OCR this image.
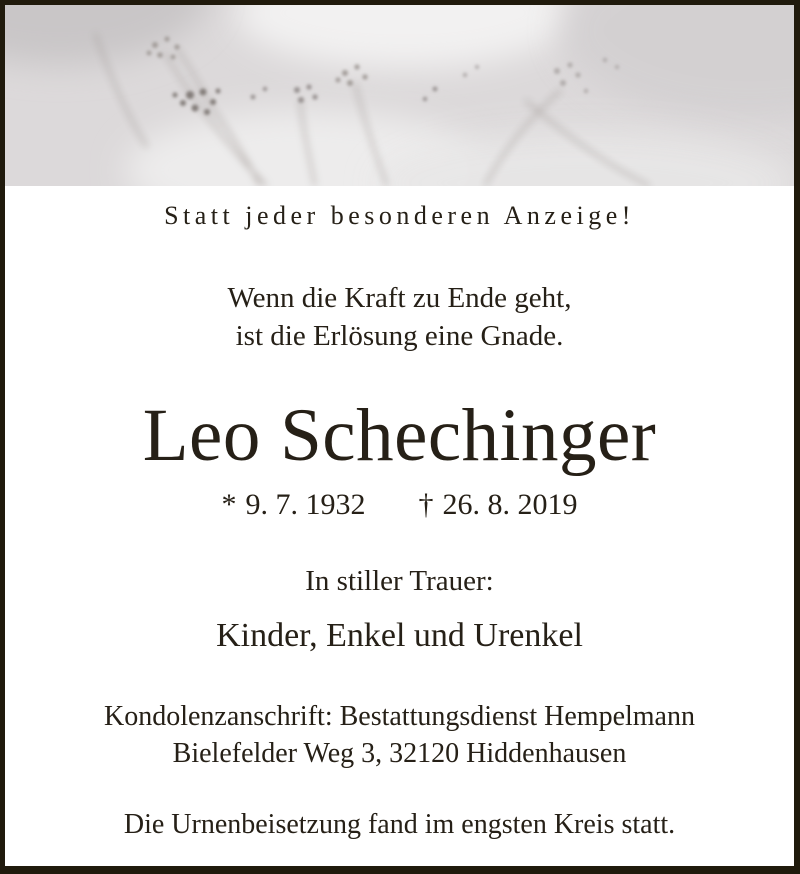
Statt jeder besonderen Anzeige!
Wenn die Kraft zu Ende geht,
ist die Erlösung eine Gnade.
Leo Schechinger
* 9. 7. 1932 † 26. 8. 2019
In stiller Trauer:
Kinder, Enkel und Urenkel
Kondolenzanschrift: Bestattungsdienst Hempelmann
Bielefelder Weg 3, 32120 Hiddenhausen
Die Urnenbeisetzung fand im engsten Kreis statt.
